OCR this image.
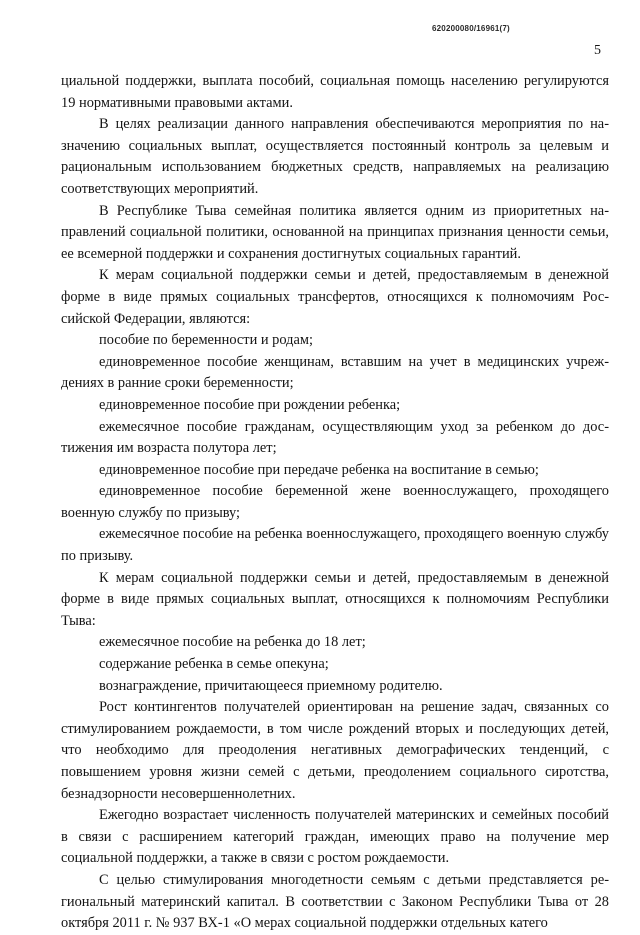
620200080/16961(7)
5

циальной поддержки, выплата пособий, социальная помощь населению регулируются 19 нормативными правовыми актами.

В целях реализации данного направления обеспечиваются мероприятия по назначению социальных выплат, осуществляется постоянный контроль за целевым и рациональным использованием бюджетных средств, направляемых на реализацию соответствующих мероприятий.

В Республике Тыва семейная политика является одним из приоритетных направлений социальной политики, основанной на принципах признания ценности семьи, ее всемерной поддержки и сохранения достигнутых социальных гарантий.

К мерам социальной поддержки семьи и детей, предоставляемым в денежной форме в виде прямых социальных трансфертов, относящихся к полномочиям Российской Федерации, являются:

пособие по беременности и родам;

единовременное пособие женщинам, вставшим на учет в медицинских учреждениях в ранние сроки беременности;

единовременное пособие при рождении ребенка;

ежемесячное пособие гражданам, осуществляющим уход за ребенком до достижения им возраста полутора лет;

единовременное пособие при передаче ребенка на воспитание в семью;

единовременное пособие беременной жене военнослужащего, проходящего военную службу по призыву;

ежемесячное пособие на ребенка военнослужащего, проходящего военную службу по призыву.

К мерам социальной поддержки семьи и детей, предоставляемым в денежной форме в виде прямых социальных выплат, относящихся к полномочиям Республики Тыва:

ежемесячное пособие на ребенка до 18 лет;

содержание ребенка в семье опекуна;

вознаграждение, причитающееся приемному родителю.

Рост контингентов получателей ориентирован на решение задач, связанных со стимулированием рождаемости, в том числе рождений вторых и последующих детей, что необходимо для преодоления негативных демографических тенденций, с повышением уровня жизни семей с детьми, преодолением социального сиротства, безнадзорности несовершеннолетних.

Ежегодно возрастает численность получателей материнских и семейных пособий в связи с расширением категорий граждан, имеющих право на получение мер социальной поддержки, а также в связи с ростом рождаемости.

С целью стимулирования многодетности семьям с детьми представляется региональный материнский капитал. В соответствии с Законом Республики Тыва от 28 октября 2011 г. № 937 ВХ-1 «О мерах социальной поддержки отдельных катего
